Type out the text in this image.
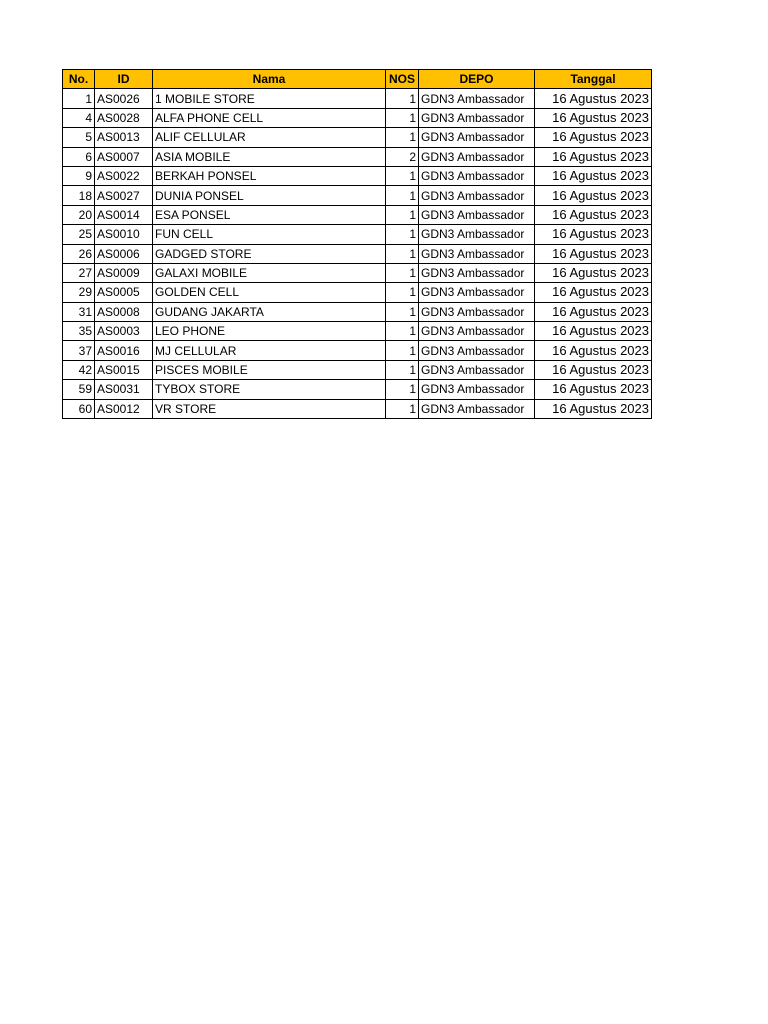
No.	ID	Nama	NOS	DEPO	Tanggal
1	AS0026	1 MOBILE STORE	1	GDN3 Ambassador	16 Agustus 2023
4	AS0028	ALFA PHONE CELL	1	GDN3 Ambassador	16 Agustus 2023
5	AS0013	ALIF CELLULAR	1	GDN3 Ambassador	16 Agustus 2023
6	AS0007	ASIA MOBILE	2	GDN3 Ambassador	16 Agustus 2023
9	AS0022	BERKAH PONSEL	1	GDN3 Ambassador	16 Agustus 2023
18	AS0027	DUNIA PONSEL	1	GDN3 Ambassador	16 Agustus 2023
20	AS0014	ESA PONSEL	1	GDN3 Ambassador	16 Agustus 2023
25	AS0010	FUN CELL	1	GDN3 Ambassador	16 Agustus 2023
26	AS0006	GADGED STORE	1	GDN3 Ambassador	16 Agustus 2023
27	AS0009	GALAXI MOBILE	1	GDN3 Ambassador	16 Agustus 2023
29	AS0005	GOLDEN CELL	1	GDN3 Ambassador	16 Agustus 2023
31	AS0008	GUDANG JAKARTA	1	GDN3 Ambassador	16 Agustus 2023
35	AS0003	LEO PHONE	1	GDN3 Ambassador	16 Agustus 2023
37	AS0016	MJ CELLULAR	1	GDN3 Ambassador	16 Agustus 2023
42	AS0015	PISCES MOBILE	1	GDN3 Ambassador	16 Agustus 2023
59	AS0031	TYBOX STORE	1	GDN3 Ambassador	16 Agustus 2023
60	AS0012	VR STORE	1	GDN3 Ambassador	16 Agustus 2023
